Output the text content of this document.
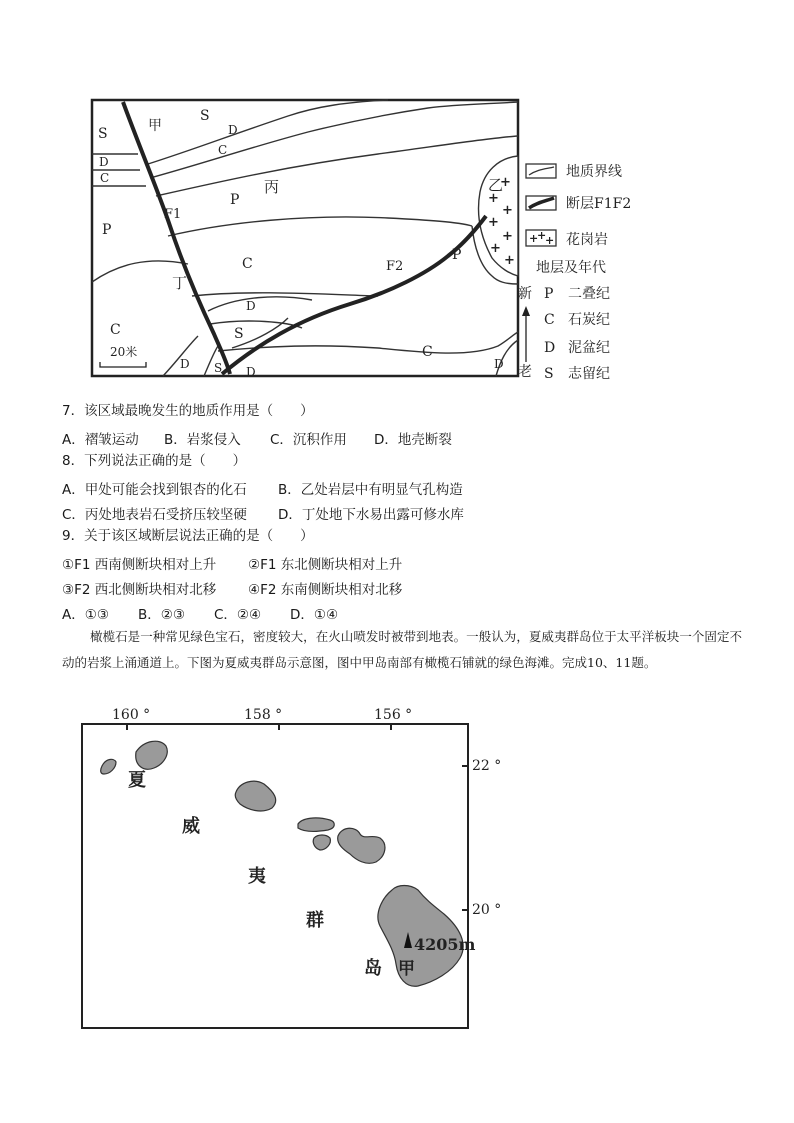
+
+
+
+
+
+
+
甲
S
D
C
S
D
C
P
P
丙
F1
C
丁
F2
P
乙
C
D
S
D S D
C
D
20米
地质界线
断层F1F2
+
+
+ 花岗岩
地层及年代
新
老
P 二叠纪
C 石炭纪
D 泥盆纪
S 志留纪
7．该区域最晚发生的地质作用是（　　）
A．褶皱运动 B．岩浆侵入 C．沉积作用 D．地壳断裂
8．下列说法正确的是（　　）
A．甲处可能会找到银杏的化石 B．乙处岩层中有明显气孔构造
C．丙处地表岩石受挤压较坚硬 D．丁处地下水易出露可修水库
9．关于该区域断层说法正确的是（　　）
①F1 西南侧断块相对上升 ②F1 东北侧断块相对上升
③F2 西北侧断块相对北移 ④F2 东南侧断块相对北移
A．①③ B．②③ C．②④ D．①④
橄榄石是一种常见绿色宝石，密度较大，在火山喷发时被带到地表。一般认为，夏威夷群岛位于太平洋板块一个固定不动的岩浆上涌通道上。下图为夏威夷群岛示意图，图中甲岛南部有橄榄石铺就的绿色海滩。完成10、11题。
160 °	158 °	156 °
22 °
20 °
4205m
甲
夏
威
夷
群
岛
